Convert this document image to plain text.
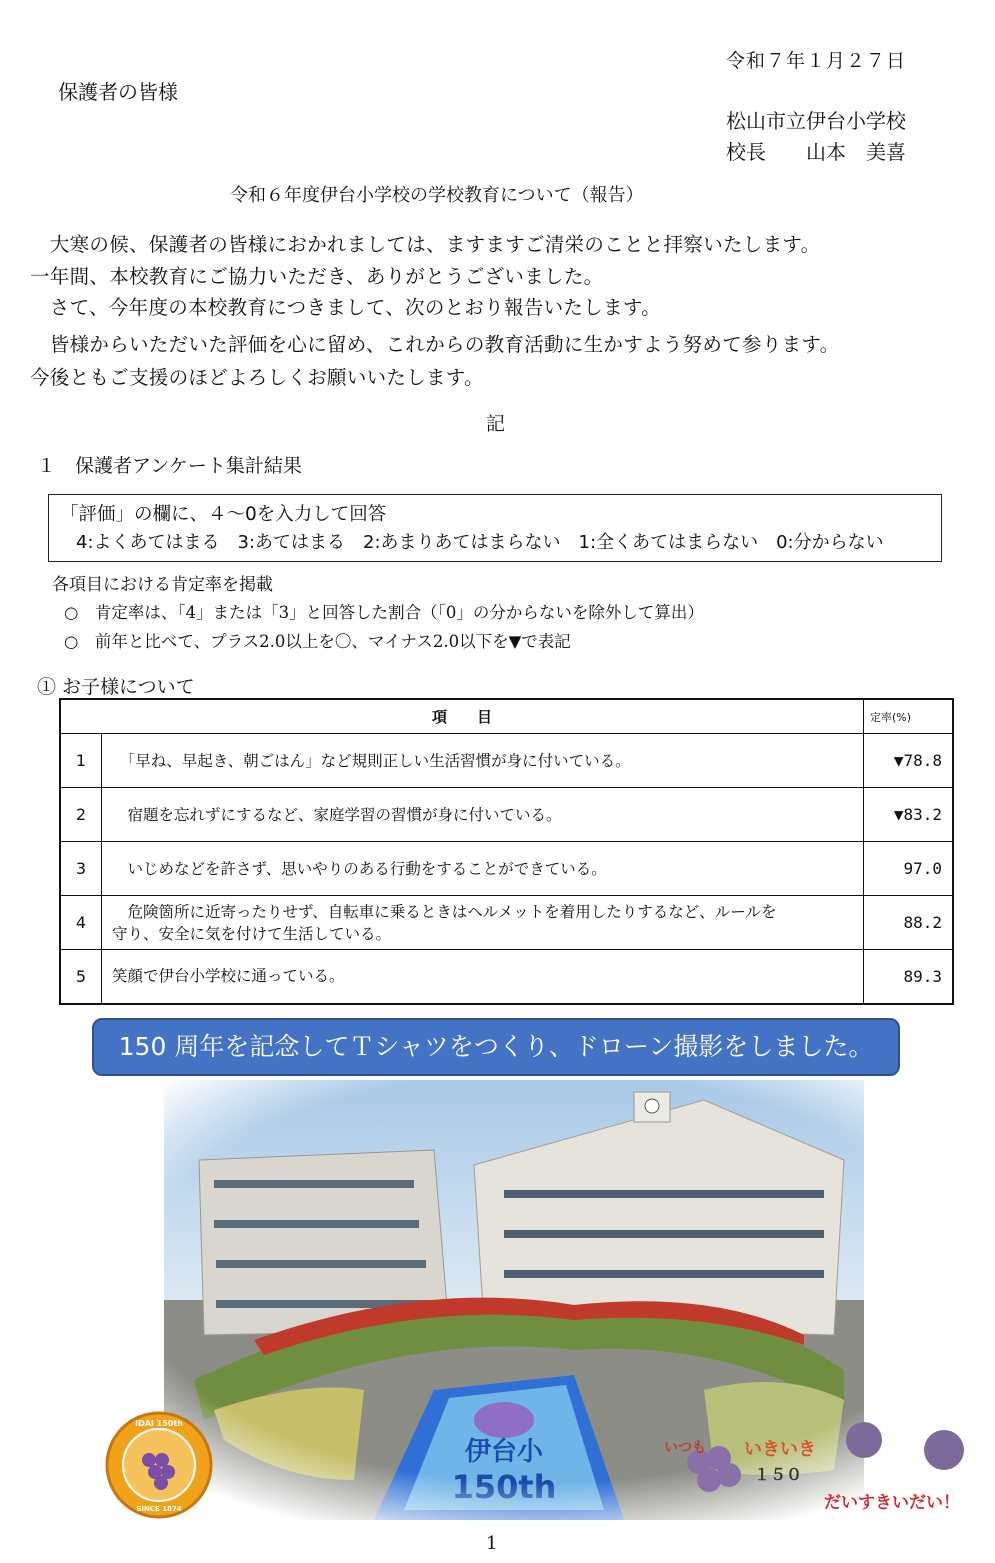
令和７年１月２７日
保護者の皆様
松山市立伊台小学校
校長　　山本　美喜
令和６年度伊台小学校の学校教育について（報告）
　大寒の候、保護者の皆様におかれましては、ますますご清栄のことと拝察いたします。
一年間、本校教育にご協力いただき、ありがとうございました。
　さて、今年度の本校教育につきまして、次のとおり報告いたします。
　皆様からいただいた評価を心に留め、これからの教育活動に生かすよう努めて参ります。
今後ともご支援のほどよろしくお願いいたします。
記
１　保護者アンケート集計結果
「評価」の欄に、４～0を入力して回答
4:よくあてはまる　3:あてはまる　2:あまりあてはまらない　1:全くあてはまらない　0:分からない
各項目における肯定率を掲載
○　肯定率は、「4」または「3」と回答した割合（「0」の分からないを除外して算出）
○　前年と比べて、プラス2.0以上を〇、マイナス2.0以下を▼で表記
① お子様について
項　　目		定率(%)
1	　「早ね、早起き、朝ごはん」など規則正しい生活習慣が身に付いている。	▼78.8
2	　宿題を忘れずにするなど、家庭学習の習慣が身に付いている。	▼83.2
3	　いじめなどを許さず、思いやりのある行動をすることができている。	97.0
4	　危険箇所に近寄ったりせず、自転車に乗るときはヘルメットを着用したりするなど、ルールを
守り、安全に気を付けて生活している。	88.2
5	笑顔で伊台小学校に通っている。	89.3
150 周年を記念してＴシャツをつくり、ドローン撮影をしました。
IDAI 150th
SINCE 1874
いつも いきいき
１５０
だいすきいだい！
1
